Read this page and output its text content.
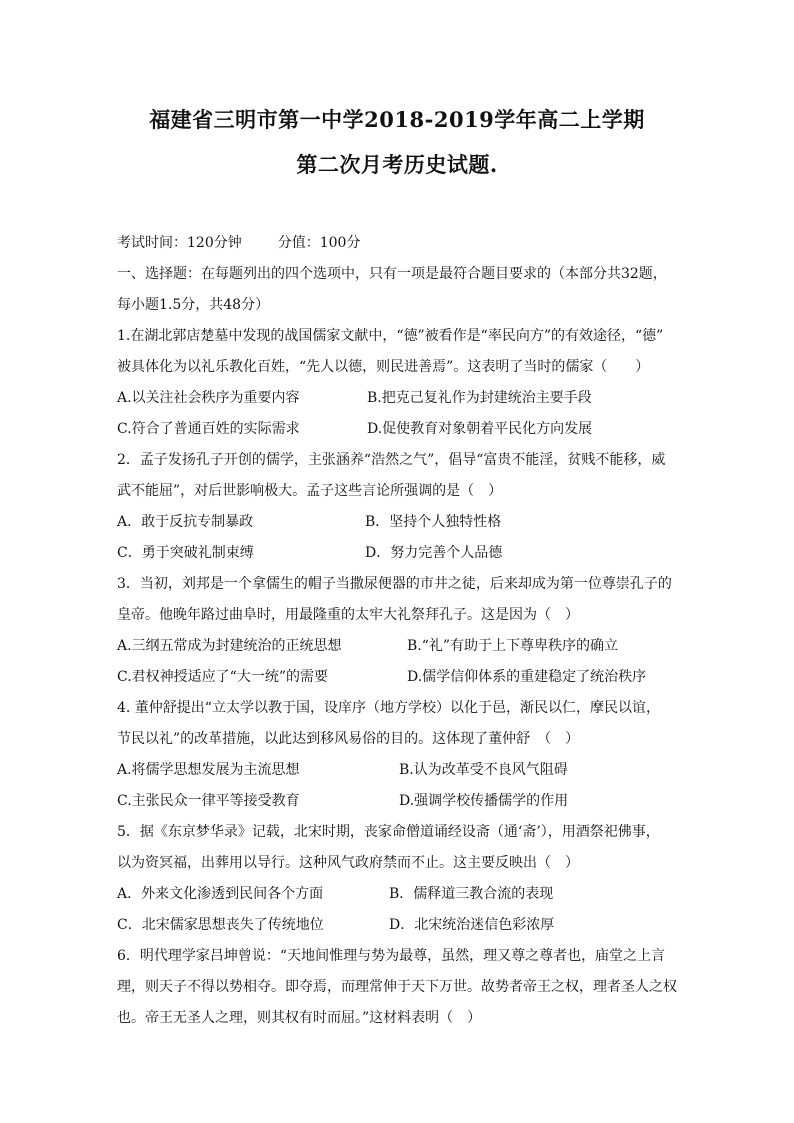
福建省三明市第一中学2018-2019学年高二上学期
第二次月考历史试题.
考试时间：120分钟	分值：100分
一、选择题：在每题列出的四个选项中，只有一项是最符合题目要求的（本部分共32题，
每小题1.5分，共48分）
1.在湖北郭店楚墓中发现的战国儒家文献中，“德”被看作是“率民向方”的有效途径，“德”
被具体化为以礼乐教化百姓，“先人以德，则民进善焉”。这表明了当时的儒家（　　）
A.以关注社会秩序为重要内容	B.把克己复礼作为封建统治主要手段
C.符合了普通百姓的实际需求	D.促使教育对象朝着平民化方向发展
2．孟子发扬孔子开创的儒学，主张涵养“浩然之气”，倡导“富贵不能淫，贫贱不能移，威
武不能屈”，对后世影响极大。孟子这些言论所强调的是（　）
A．敢于反抗专制暴政	B．坚持个人独特性格
C．勇于突破礼制束缚	D．努力完善个人品德
3．当初，刘邦是一个拿儒生的帽子当撒尿便器的市井之徒，后来却成为第一位尊崇孔子的
皇帝。他晚年路过曲阜时，用最隆重的太牢大礼祭拜孔子。这是因为（　）
A.三纲五常成为封建统治的正统思想	B.“礼”有助于上下尊卑秩序的确立
C.君权神授适应了“大一统”的需要	D.儒学信仰体系的重建稳定了统治秩序
4. 董仲舒提出“立太学以教于国，设庠序（地方学校）以化于邑，渐民以仁，摩民以谊，
节民以礼”的改革措施，以此达到移风易俗的目的。这体现了董仲舒　（　）
A.将儒学思想发展为主流思想	B.认为改革受不良风气阻碍
C.主张民众一律平等接受教育	D.强调学校传播儒学的作用
5．据《东京梦华录》记载，北宋时期，丧家命僧道诵经设斋（通‘斋’），用酒祭祀佛事，
以为资冥福，出葬用以导行。这种风气政府禁而不止。这主要反映出（　）
A．外来文化渗透到民间各个方面	B．儒释道三教合流的表现
C．北宋儒家思想丧失了传统地位	D．北宋统治迷信色彩浓厚
6．明代理学家吕坤曾说：“天地间惟理与势为最尊，虽然，理又尊之尊者也，庙堂之上言
理，则天子不得以势相夺。即夺焉，而理常伸于天下万世。故势者帝王之权，理者圣人之权
也。帝王无圣人之理，则其权有时而屈。”这材料表明（　）
